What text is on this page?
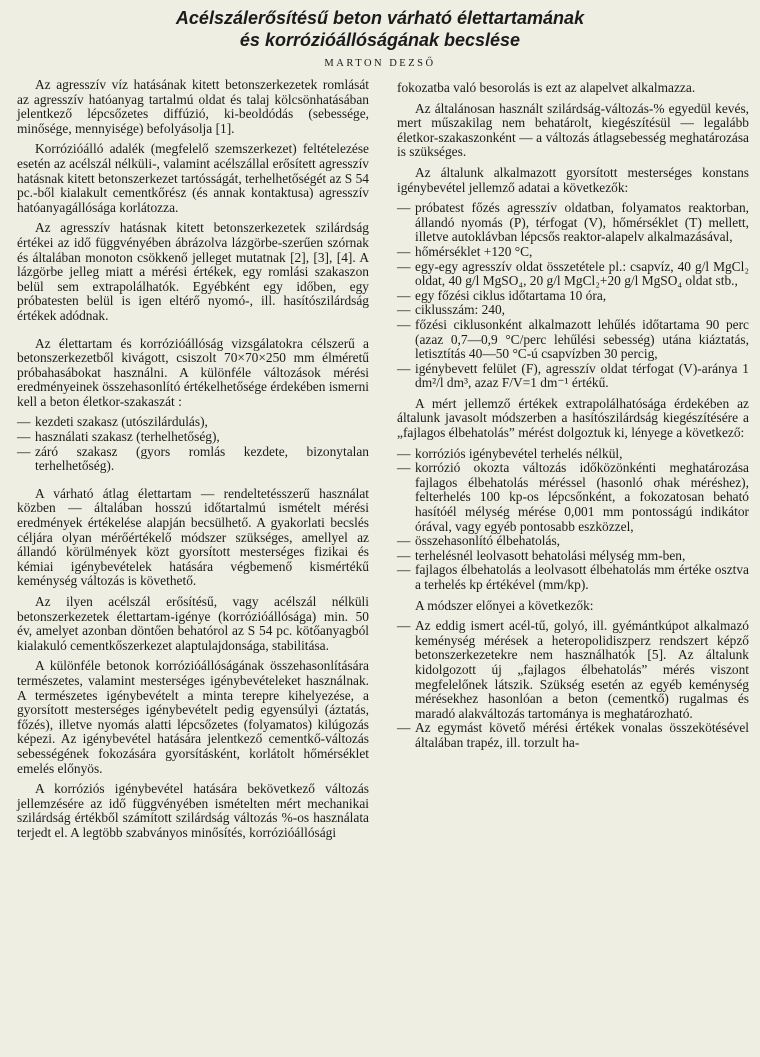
Acélszálerősítésű beton várható élettartamának
és korrózióállóságának becslése
MARTON DEZSŐ

Az agresszív víz hatásának kitett betonszerkezetek romlását az agresszív hatóanyag tartalmú oldat és talaj kölcsönhatásában jelentkező lépcsőzetes diffúzió, ki-beoldódás (sebessége, minősége, mennyisége) befolyásolja [1].

Korrózióálló adalék (megfelelő szemszerkezet) feltételezése esetén az acélszál nélküli-, valamint acélszállal erősített agresszív hatásnak kitett betonszerkezet tartósságát, terhelhetőségét az S 54 pc.-ből kialakult cementkőrész (és annak kontaktusa) agresszív hatóanyagállósága korlátozza.

Az agresszív hatásnak kitett betonszerkezetek szilárdság értékei az idő függvényében ábrázolva lázgörbe-szerűen szórnak és általában monoton csökkenő jelleget mutatnak [2], [3], [4]. A lázgörbe jelleg miatt a mérési értékek, egy romlási szakaszon belül sem extrapolálhatók. Egyébként egy időben, egy próbatesten belül is igen eltérő nyomó-, ill. hasítószilárdság értékek adódnak.

Az élettartam és korrózióállóság vizsgálatokra célszerű a betonszerkezetből kivágott, csiszolt 70×70×250 mm élméretű próbahasábokat használni. A különféle változások mérési eredményeinek összehasonlító értékelhetősége érdekében ismerni kell a beton életkor-szakaszát :

— kezdeti szakasz (utószilárdulás),
— használati szakasz (terhelhetőség),
— záró szakasz (gyors romlás kezdete, bizonytalan terhelhetőség).

A várható átlag élettartam — rendeltetésszerű használat közben — általában hosszú időtartalmú ismételt mérési eredmények értékelése alapján becsülhető. A gyakorlati becslés céljára olyan mérőértékelő módszer szükséges, amellyel az állandó körülmények közt gyorsított mesterséges fizikai és kémiai igénybevételek hatására végbemenő kismértékű keménység változás is követhető.

Az ilyen acélszál erősítésű, vagy acélszál nélküli betonszerkezetek élettartam-igénye (korrózióállósága) min. 50 év, amelyet azonban döntően behatórol az S 54 pc. kötőanyagból kialakuló cementkőszerkezet alaptulajdonsága, stabilitása.

A különféle betonok korrózióállóságának összehasonlítására természetes, valamint mesterséges igénybevételeket használnak. A természetes igénybevételt a minta terepre kihelyezése, a gyorsított mesterséges igénybevételt pedig egyensúlyi (áztatás, főzés), illetve nyomás alatti lépcsőzetes (folyamatos) kilúgozás képezi. Az igénybevétel hatására jelentkező cementkő-változás sebességének fokozására gyorsításként, korlátolt hőmérséklet emelés előnyös.

A korróziós igénybevétel hatására bekövetkező változás jellemzésére az idő függvényében ismételten mért mechanikai szilárdság értékből számított szilárdság változás %-os használata terjedt el. A legtöbb szabványos minősítés, korrózióállósági

fokozatba való besorolás is ezt az alapelvet alkalmazza.

Az általánosan használt szilárdság-változás-% egyedül kevés, mert műszakilag nem behatárolt, kiegészítésül — legalább életkor-szakaszonként — a változás átlagsebesség meghatározása is szükséges.

Az általunk alkalmazott gyorsított mesterséges konstans igénybevétel jellemző adatai a következők:

— próbatest főzés agresszív oldatban, folyamatos reaktorban, állandó nyomás (P), térfogat (V), hőmérséklet (T) mellett, illetve autoklávban lépcsős reaktor-alapelv alkalmazásával,
— hőmérséklet +120 °C,
— egy-egy agresszív oldat összetétele pl.: csapvíz, 40 g/l MgCl₂ oldat, 40 g/l MgSO₄, 20 g/l MgCl₂+20 g/l MgSO₄ oldat stb.,
— egy főzési ciklus időtartama 10 óra,
— ciklusszám: 240,
— főzési ciklusonként alkalmazott lehűlés időtartama 90 perc (azaz 0,7—0,9 °C/perc lehűlési sebesség) utána kiáztatás, letisztítás 40—50 °C-ú csapvízben 30 percig,
— igénybevett felület (F), agresszív oldat térfogat (V)-aránya 1 dm²/l dm³, azaz F/V=1 dm⁻¹ értékű.

A mért jellemző értékek extrapolálhatósága érdekében az általunk javasolt módszerben a hasítószilárdság kiegészítésére a „fajlagos élbehatolás” mérést dolgoztuk ki, lényege a következő:

— korróziós igénybevétel terhelés nélkül,
— korrózió okozta változás időközönkénti meghatározása fajlagos élbehatolás méréssel (hasonló σhak méréshez), felterhelés 100 kp-os lépcsőnként, a fokozatosan beható hasítóél mélység mérése 0,001 mm pontosságú indikátor órával, vagy egyéb pontosabb eszközzel,
— összehasonlító élbehatolás,
— terhelésnél leolvasott behatolási mélység mm-ben,
— fajlagos élbehatolás a leolvasott élbehatolás mm értéke osztva a terhelés kp értékével (mm/kp).

A módszer előnyei a következők:

— Az eddig ismert acél-tű, golyó, ill. gyémántkúpot alkalmazó keménység mérések a heteropolidiszperz rendszert képző betonszerkezetekre nem használhatók [5]. Az általunk kidolgozott új „fajlagos élbehatolás” mérés viszont megfelelőnek látszik. Szükség esetén az egyéb keménység mérésekhez hasonlóan a beton (cementkő) rugalmas és maradó alakváltozás tartománya is meghatározható.
— Az egymást követő mérési értékek vonalas összekötésével általában trapéz, ill. torzult ha-
